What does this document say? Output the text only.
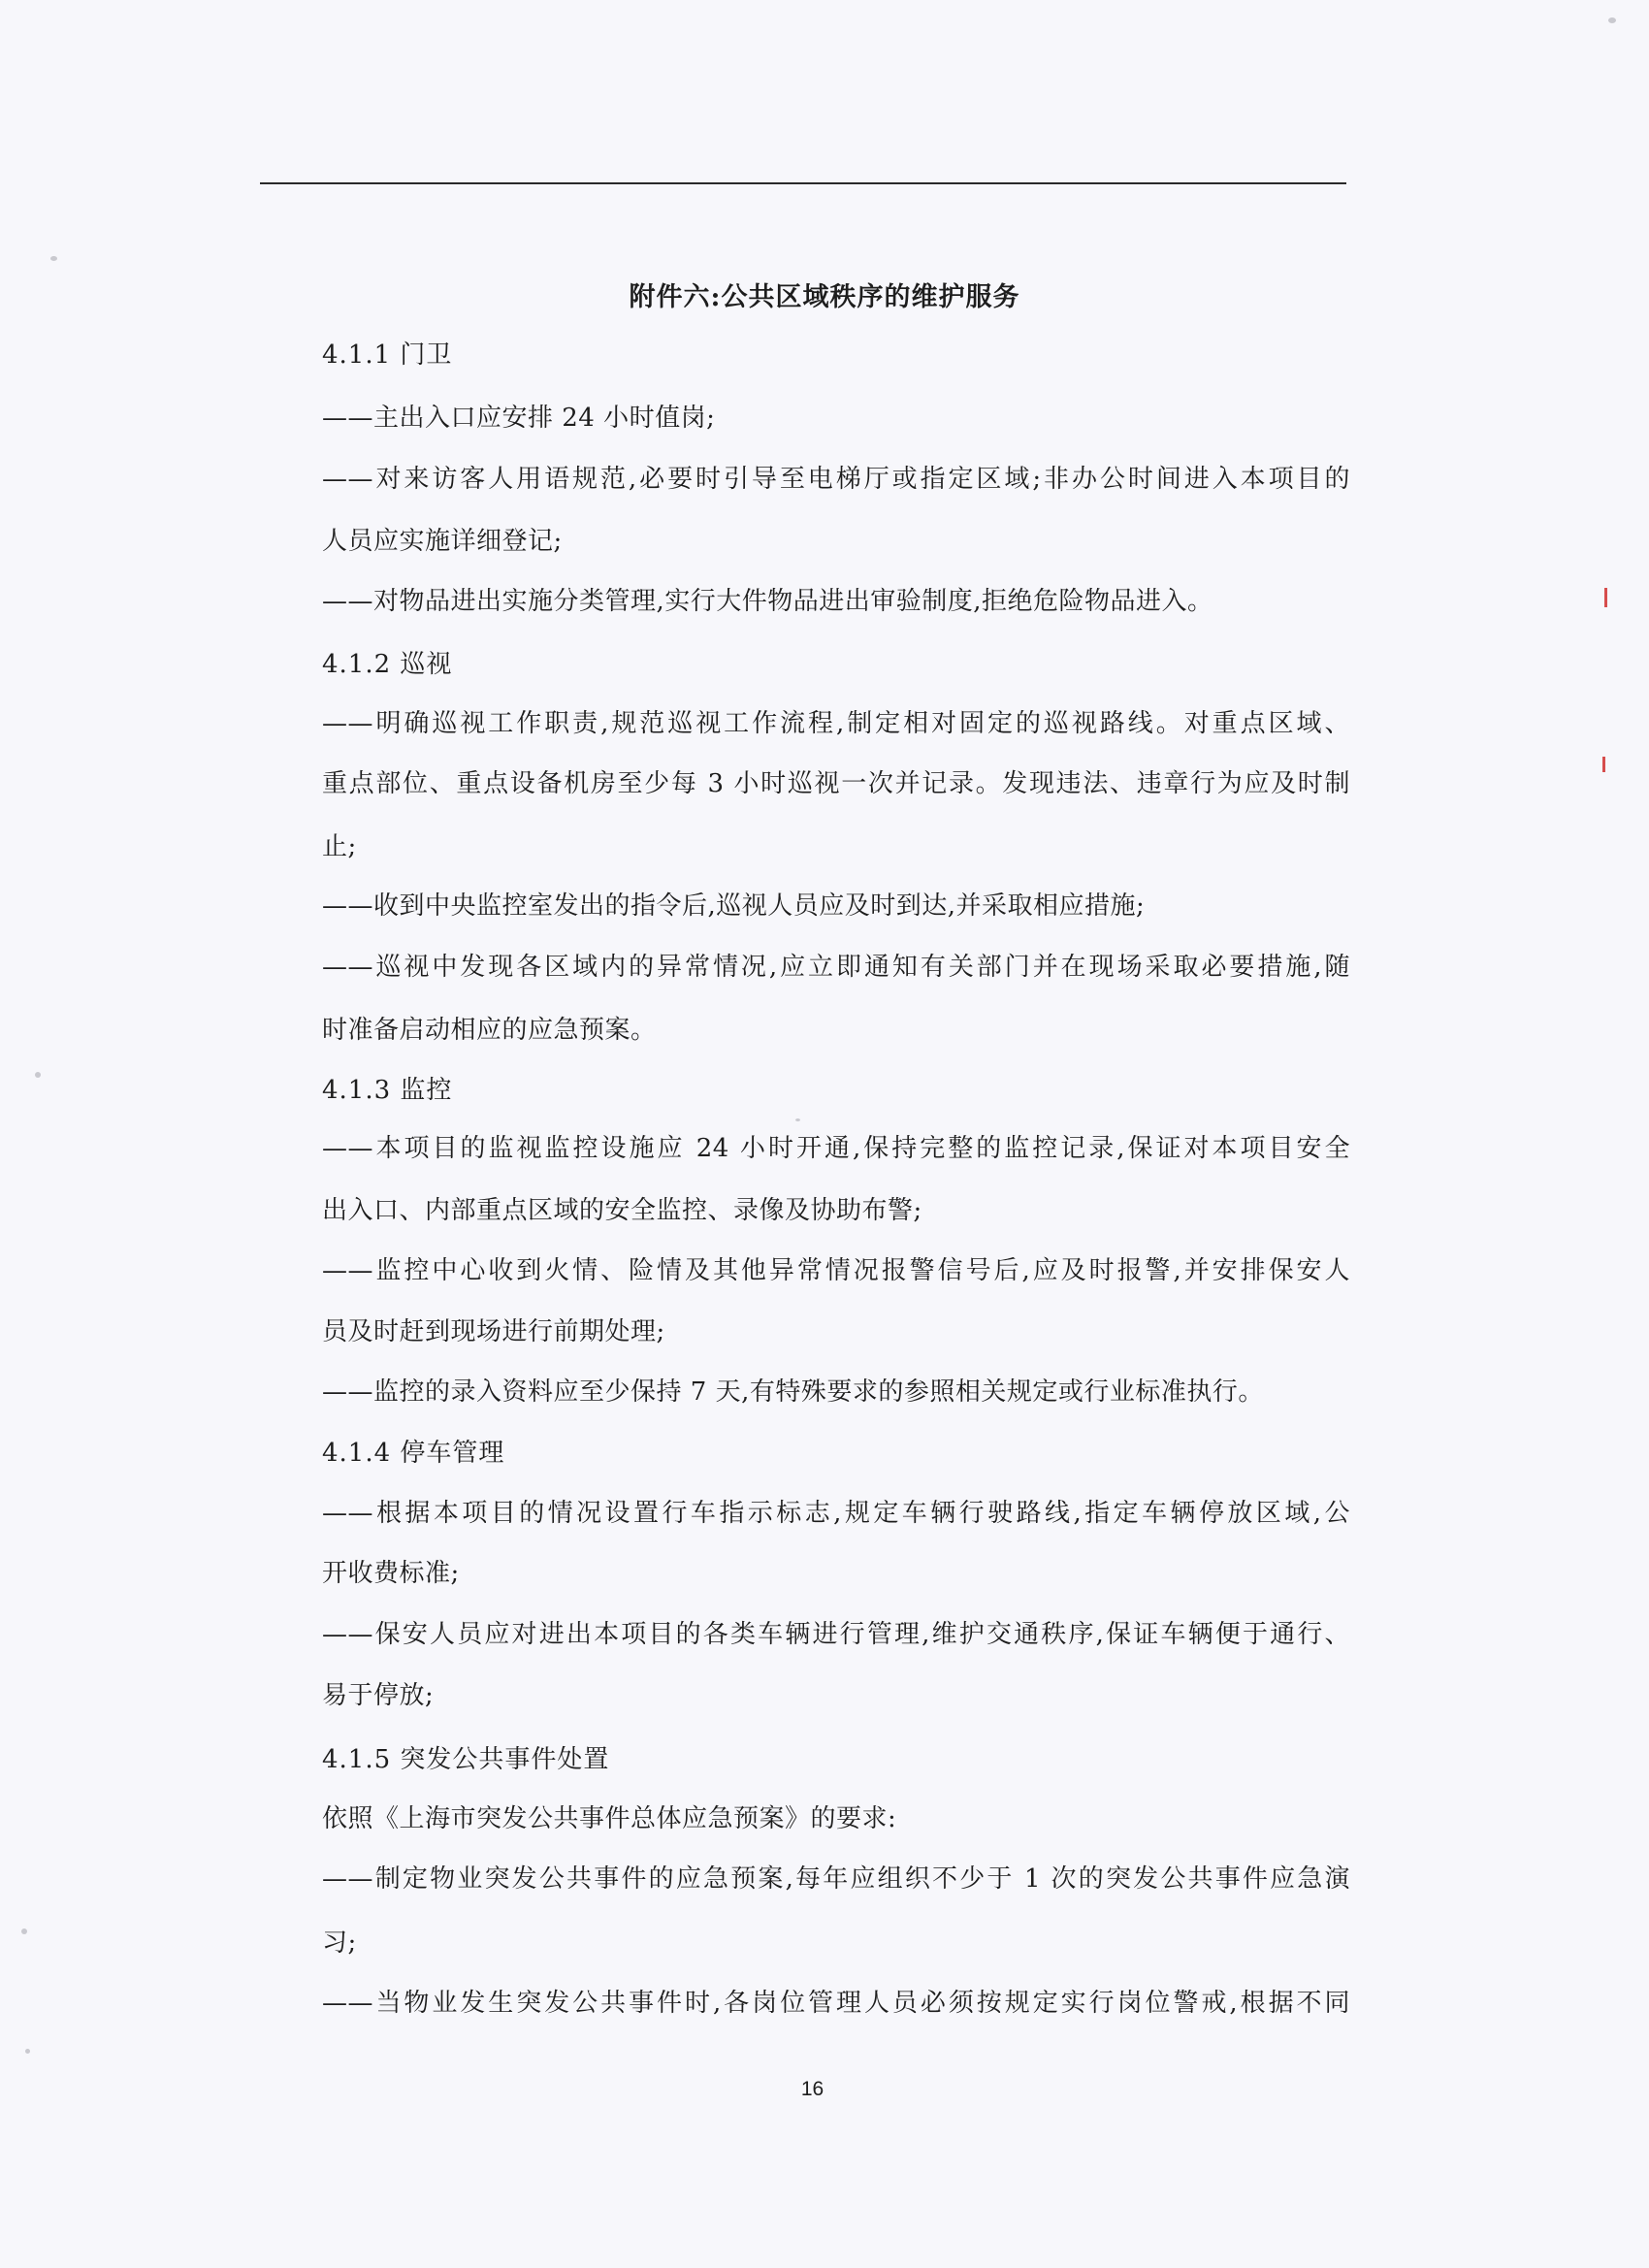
附件六:公共区域秩序的维护服务
4.1.1 门卫
——主出入口应安排 24 小时值岗;
——对来访客人用语规范,必要时引导至电梯厅或指定区域;非办公时间进入本项目的
人员应实施详细登记;
——对物品进出实施分类管理,实行大件物品进出审验制度,拒绝危险物品进入。
4.1.2 巡视
——明确巡视工作职责,规范巡视工作流程,制定相对固定的巡视路线。对重点区域、
重点部位、重点设备机房至少每 3 小时巡视一次并记录。发现违法、违章行为应及时制
止;
——收到中央监控室发出的指令后,巡视人员应及时到达,并采取相应措施;
——巡视中发现各区域内的异常情况,应立即通知有关部门并在现场采取必要措施,随
时准备启动相应的应急预案。
4.1.3 监控
——本项目的监视监控设施应 24 小时开通,保持完整的监控记录,保证对本项目安全
出入口、内部重点区域的安全监控、录像及协助布警;
——监控中心收到火情、险情及其他异常情况报警信号后,应及时报警,并安排保安人
员及时赶到现场进行前期处理;
——监控的录入资料应至少保持 7 天,有特殊要求的参照相关规定或行业标准执行。
4.1.4 停车管理
——根据本项目的情况设置行车指示标志,规定车辆行驶路线,指定车辆停放区域,公
开收费标准;
——保安人员应对进出本项目的各类车辆进行管理,维护交通秩序,保证车辆便于通行、
易于停放;
4.1.5 突发公共事件处置
依照《上海市突发公共事件总体应急预案》的要求:
——制定物业突发公共事件的应急预案,每年应组织不少于 1 次的突发公共事件应急演
习;
——当物业发生突发公共事件时,各岗位管理人员必须按规定实行岗位警戒,根据不同
16
